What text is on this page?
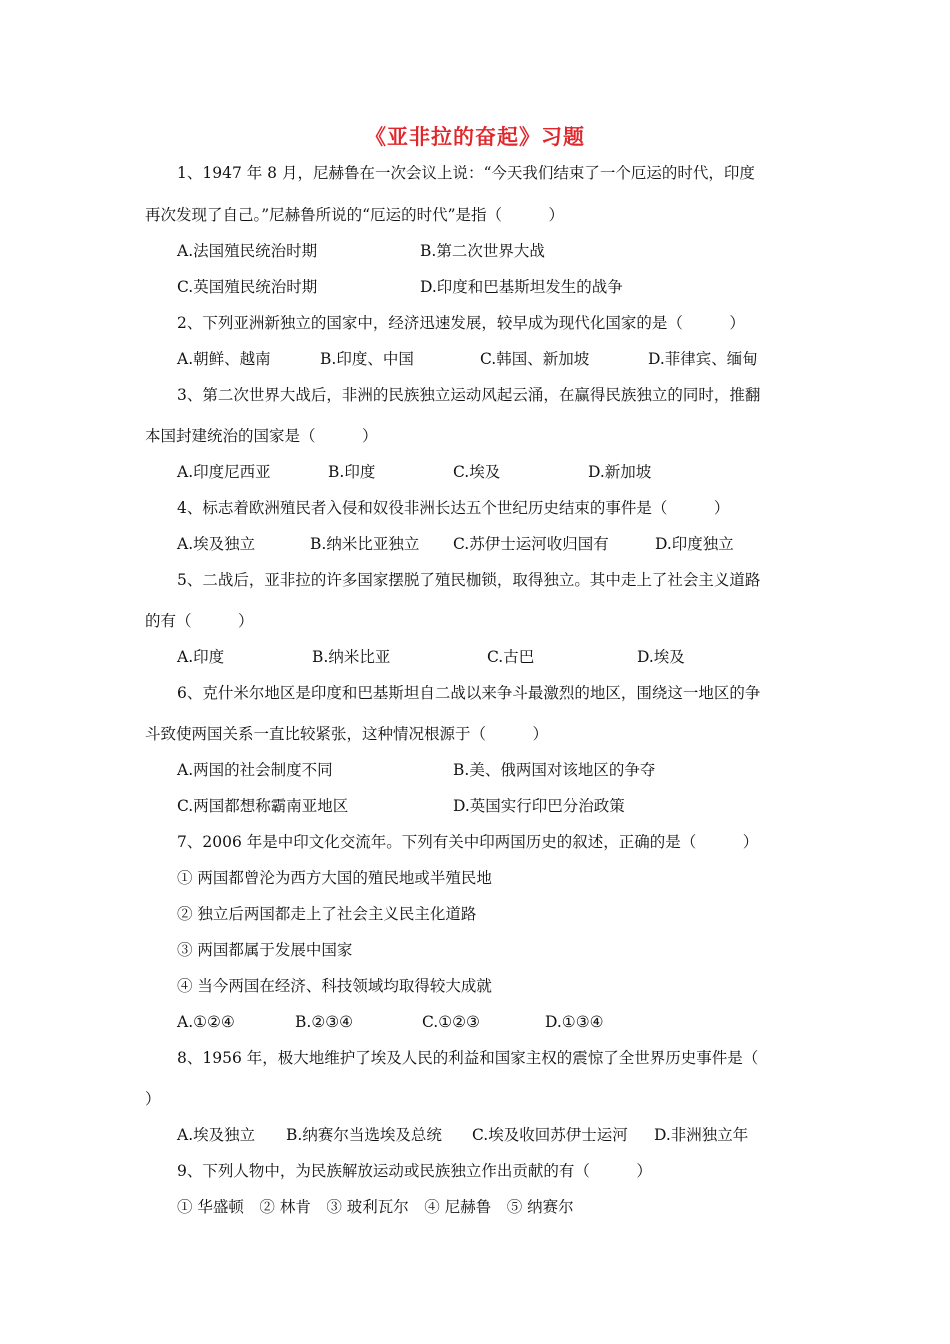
《亚非拉的奋起》习题
1、1947 年 8 月，尼赫鲁在一次会议上说：“今天我们结束了一个厄运的时代，印度
再次发现了自己。”尼赫鲁所说的“厄运的时代”是指（　　　）
A.法国殖民统治时期	B.第二次世界大战
C.英国殖民统治时期	D.印度和巴基斯坦发生的战争
2、下列亚洲新独立的国家中，经济迅速发展，较早成为现代化国家的是（　　　）
A.朝鲜、越南	B.印度、中国	C.韩国、新加坡	D.菲律宾、缅甸
3、第二次世界大战后，非洲的民族独立运动风起云涌，在赢得民族独立的同时，推翻
本国封建统治的国家是（　　　）
A.印度尼西亚	B.印度	C.埃及	D.新加坡
4、标志着欧洲殖民者入侵和奴役非洲长达五个世纪历史结束的事件是（　　　）
A.埃及独立	B.纳米比亚独立 C.苏伊士运河收归国有	D.印度独立
5、二战后，亚非拉的许多国家摆脱了殖民枷锁，取得独立。其中走上了社会主义道路
的有（　　　）
A.印度	B.纳米比亚	C.古巴	D.埃及
6、克什米尔地区是印度和巴基斯坦自二战以来争斗最激烈的地区，围绕这一地区的争
斗致使两国关系一直比较紧张，这种情况根源于（　　　）
A.两国的社会制度不同	B.美、俄两国对该地区的争夺
C.两国都想称霸南亚地区	D.英国实行印巴分治政策
7、2006 年是中印文化交流年。下列有关中印两国历史的叙述，正确的是（　　　）
① 两国都曾沦为西方大国的殖民地或半殖民地
② 独立后两国都走上了社会主义民主化道路
③ 两国都属于发展中国家
④ 当今两国在经济、科技领域均取得较大成就
A.①②④	B.②③④	C.①②③	D.①③④
8、1956 年，极大地维护了埃及人民的利益和国家主权的震惊了全世界历史事件是（
）
A.埃及独立 B.纳赛尔当选埃及总统 C.埃及收回苏伊士运河 D.非洲独立年
9、下列人物中，为民族解放运动或民族独立作出贡献的有（　　　）
① 华盛顿　② 林肯　③ 玻利瓦尔　④ 尼赫鲁　⑤ 纳赛尔
